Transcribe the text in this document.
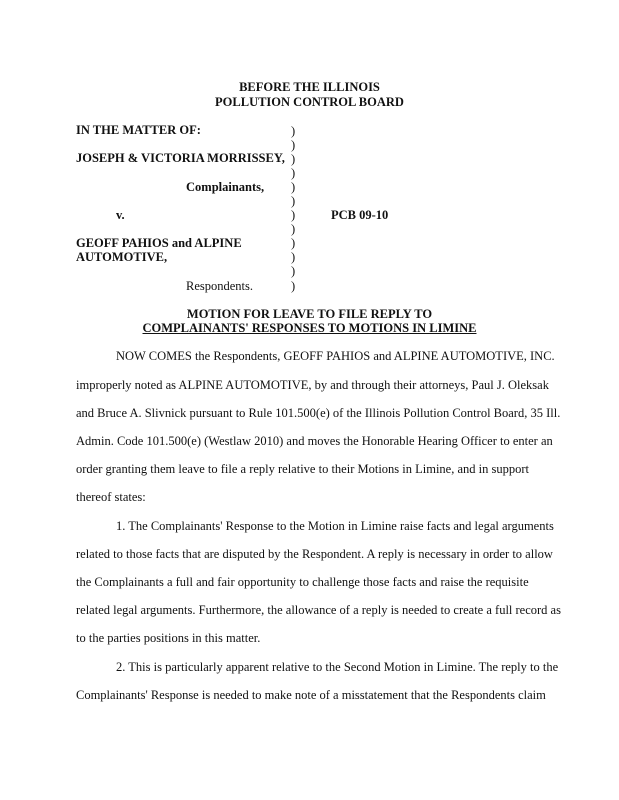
BEFORE THE ILLINOIS
POLLUTION CONTROL BOARD
IN THE MATTER OF:
JOSEPH & VICTORIA MORRISSEY,
Complainants,
v.	PCB 09-10
GEOFF PAHIOS and ALPINE
AUTOMOTIVE,
Respondents.
)
)
)
)
)
)
)
)
)
)
)
)
MOTION FOR LEAVE TO FILE REPLY TO
COMPLAINANTS' RESPONSES TO MOTIONS IN LIMINE
NOW COMES the Respondents, GEOFF PAHIOS and ALPINE AUTOMOTIVE, INC.
improperly noted as ALPINE AUTOMOTIVE, by and through their attorneys, Paul J. Oleksak
and Bruce A. Slivnick pursuant to Rule 101.500(e) of the Illinois Pollution Control Board, 35 Ill.
Admin. Code 101.500(e) (Westlaw 2010) and moves the Honorable Hearing Officer to enter an
order granting them leave to file a reply relative to their Motions in Limine, and in support
thereof states:
1. The Complainants' Response to the Motion in Limine raise facts and legal arguments
related to those facts that are disputed by the Respondent. A reply is necessary in order to allow
the Complainants a full and fair opportunity to challenge those facts and raise the requisite
related legal arguments. Furthermore, the allowance of a reply is needed to create a full record as
to the parties positions in this matter.
2. This is particularly apparent relative to the Second Motion in Limine. The reply to the
Complainants' Response is needed to make note of a misstatement that the Respondents claim
